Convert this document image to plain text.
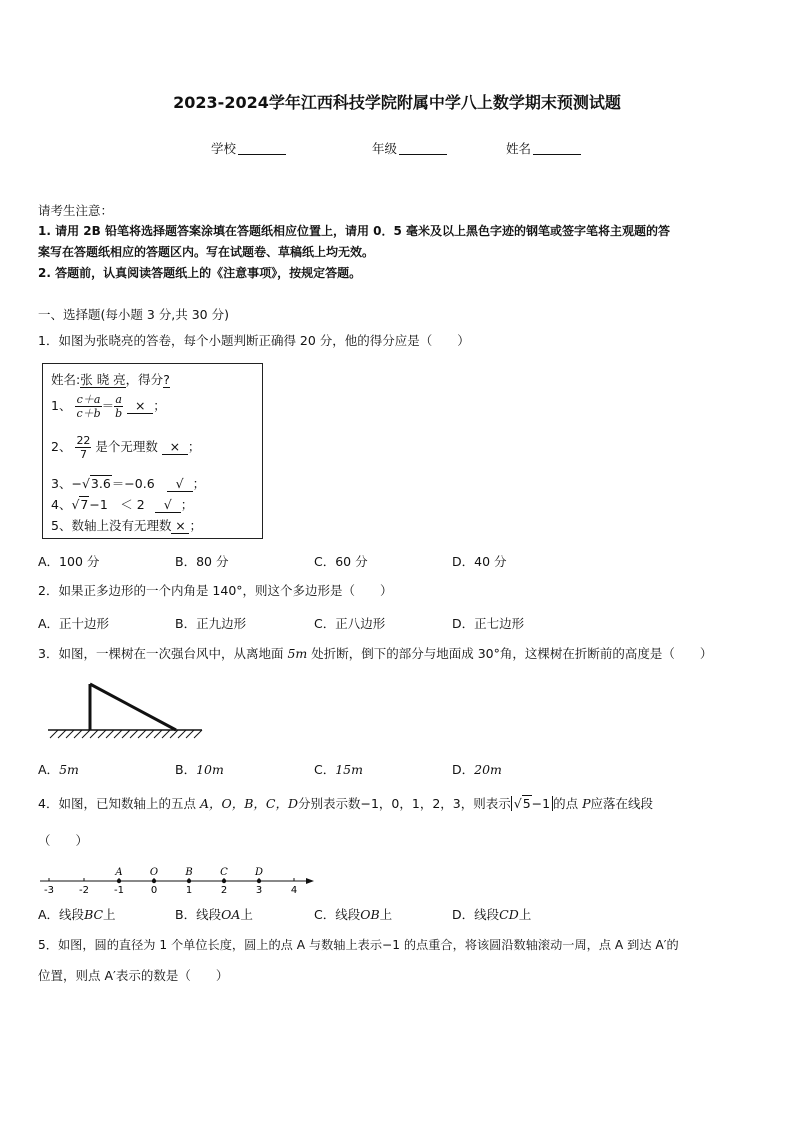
2023-2024学年江西科技学院附属中学八上数学期末预测试题
学校	年级	姓名
请考生注意：
1. 请用 2B 铅笔将选择题答案涂填在答题纸相应位置上，请用 0．5 毫米及以上黑色字迹的钢笔或签字笔将主观题的答
案写在答题纸相应的答题区内。写在试题卷、草稿纸上均无效。
2. 答题前，认真阅读答题纸上的《注意事项》，按规定答题。
一、选择题(每小题 3 分,共 30 分)
1．如图为张晓亮的答卷，每个小题判断正确得 20 分，他的得分应是（　　）
姓名:张 晓 亮，得分?
1、 $\frac{c+a}{c+b} = \frac{a}{b}$ × ；
2、 $\frac{22}{7}$ 是个无理数 × ；
3、−√3.6＝−0.6 √ ；
4、√7−1　＜ 2 √ ；
5、数轴上没有无理数 × ；
A．100 分	B．80 分	C．60 分	D．40 分
2．如果正多边形的一个内角是 140°，则这个多边形是（　　）
A．正十边形	B．正九边形	C．正八边形	D．正七边形
3．如图，一棵树在一次强台风中，从离地面 5m 处折断，倒下的部分与地面成 30°角，这棵树在折断前的高度是（　　）
A．5m	B．10m	C．15m	D．20m
4．如图，已知数轴上的五点 A，O，B，C，D分别表示数−1，0，1，2，3，则表示 √5−1 的点 P应落在线段
（　　）
-3	-2	-1	0	1	2	3	4
A	O	B	C	D
A．线段BC上	B．线段OA上	C．线段OB上	D．线段CD上
5．如图，圆的直径为 1 个单位长度，圆上的点 A 与数轴上表示−1 的点重合，将该圆沿数轴滚动一周，点 A 到达 A′的
位置，则点 A′表示的数是（　　）
